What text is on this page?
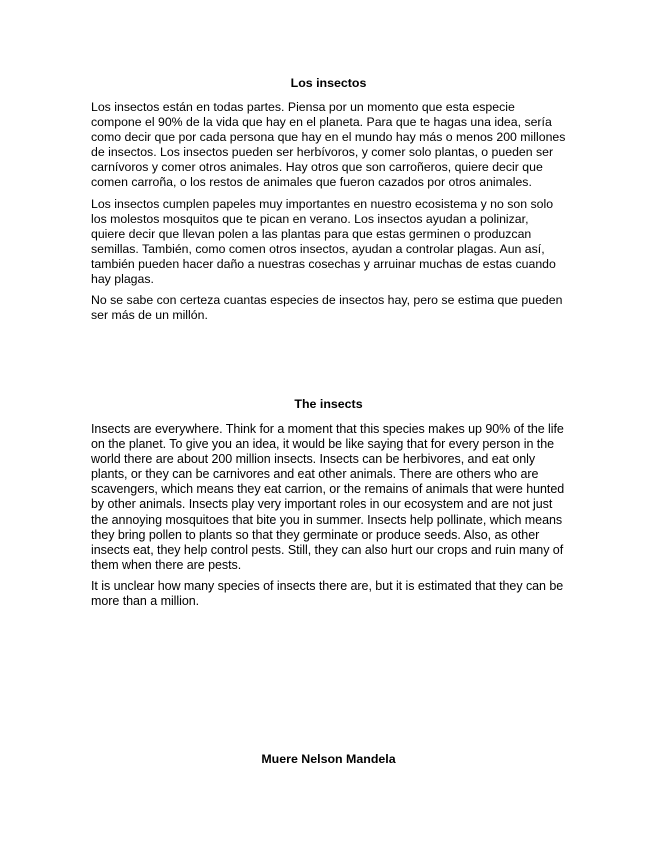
Los insectos

Los insectos están en todas partes. Piensa por un momento que esta especie compone el 90% de la vida que hay en el planeta. Para que te hagas una idea, sería como decir que por cada persona que hay en el mundo hay más o menos 200 millones de insectos. Los insectos pueden ser herbívoros, y comer solo plantas, o pueden ser carnívoros y comer otros animales. Hay otros que son carroñeros, quiere decir que comen carroña, o los restos de animales que fueron cazados por otros animales.

Los insectos cumplen papeles muy importantes en nuestro ecosistema y no son solo los molestos mosquitos que te pican en verano. Los insectos ayudan a polinizar, quiere decir que llevan polen a las plantas para que estas germinen o produzcan semillas. También, como comen otros insectos, ayudan a controlar plagas. Aun así, también pueden hacer daño a nuestras cosechas y arruinar muchas de estas cuando hay plagas.

No se sabe con certeza cuantas especies de insectos hay, pero se estima que pueden ser más de un millón.

The insects

Insects are everywhere. Think for a moment that this species makes up 90% of the life on the planet. To give you an idea, it would be like saying that for every person in the world there are about 200 million insects. Insects can be herbivores, and eat only plants, or they can be carnivores and eat other animals. There are others who are scavengers, which means they eat carrion, or the remains of animals that were hunted by other animals. Insects play very important roles in our ecosystem and are not just the annoying mosquitoes that bite you in summer. Insects help pollinate, which means they bring pollen to plants so that they germinate or produce seeds. Also, as other insects eat, they help control pests. Still, they can also hurt our crops and ruin many of them when there are pests.

It is unclear how many species of insects there are, but it is estimated that they can be more than a million.

Muere Nelson Mandela
